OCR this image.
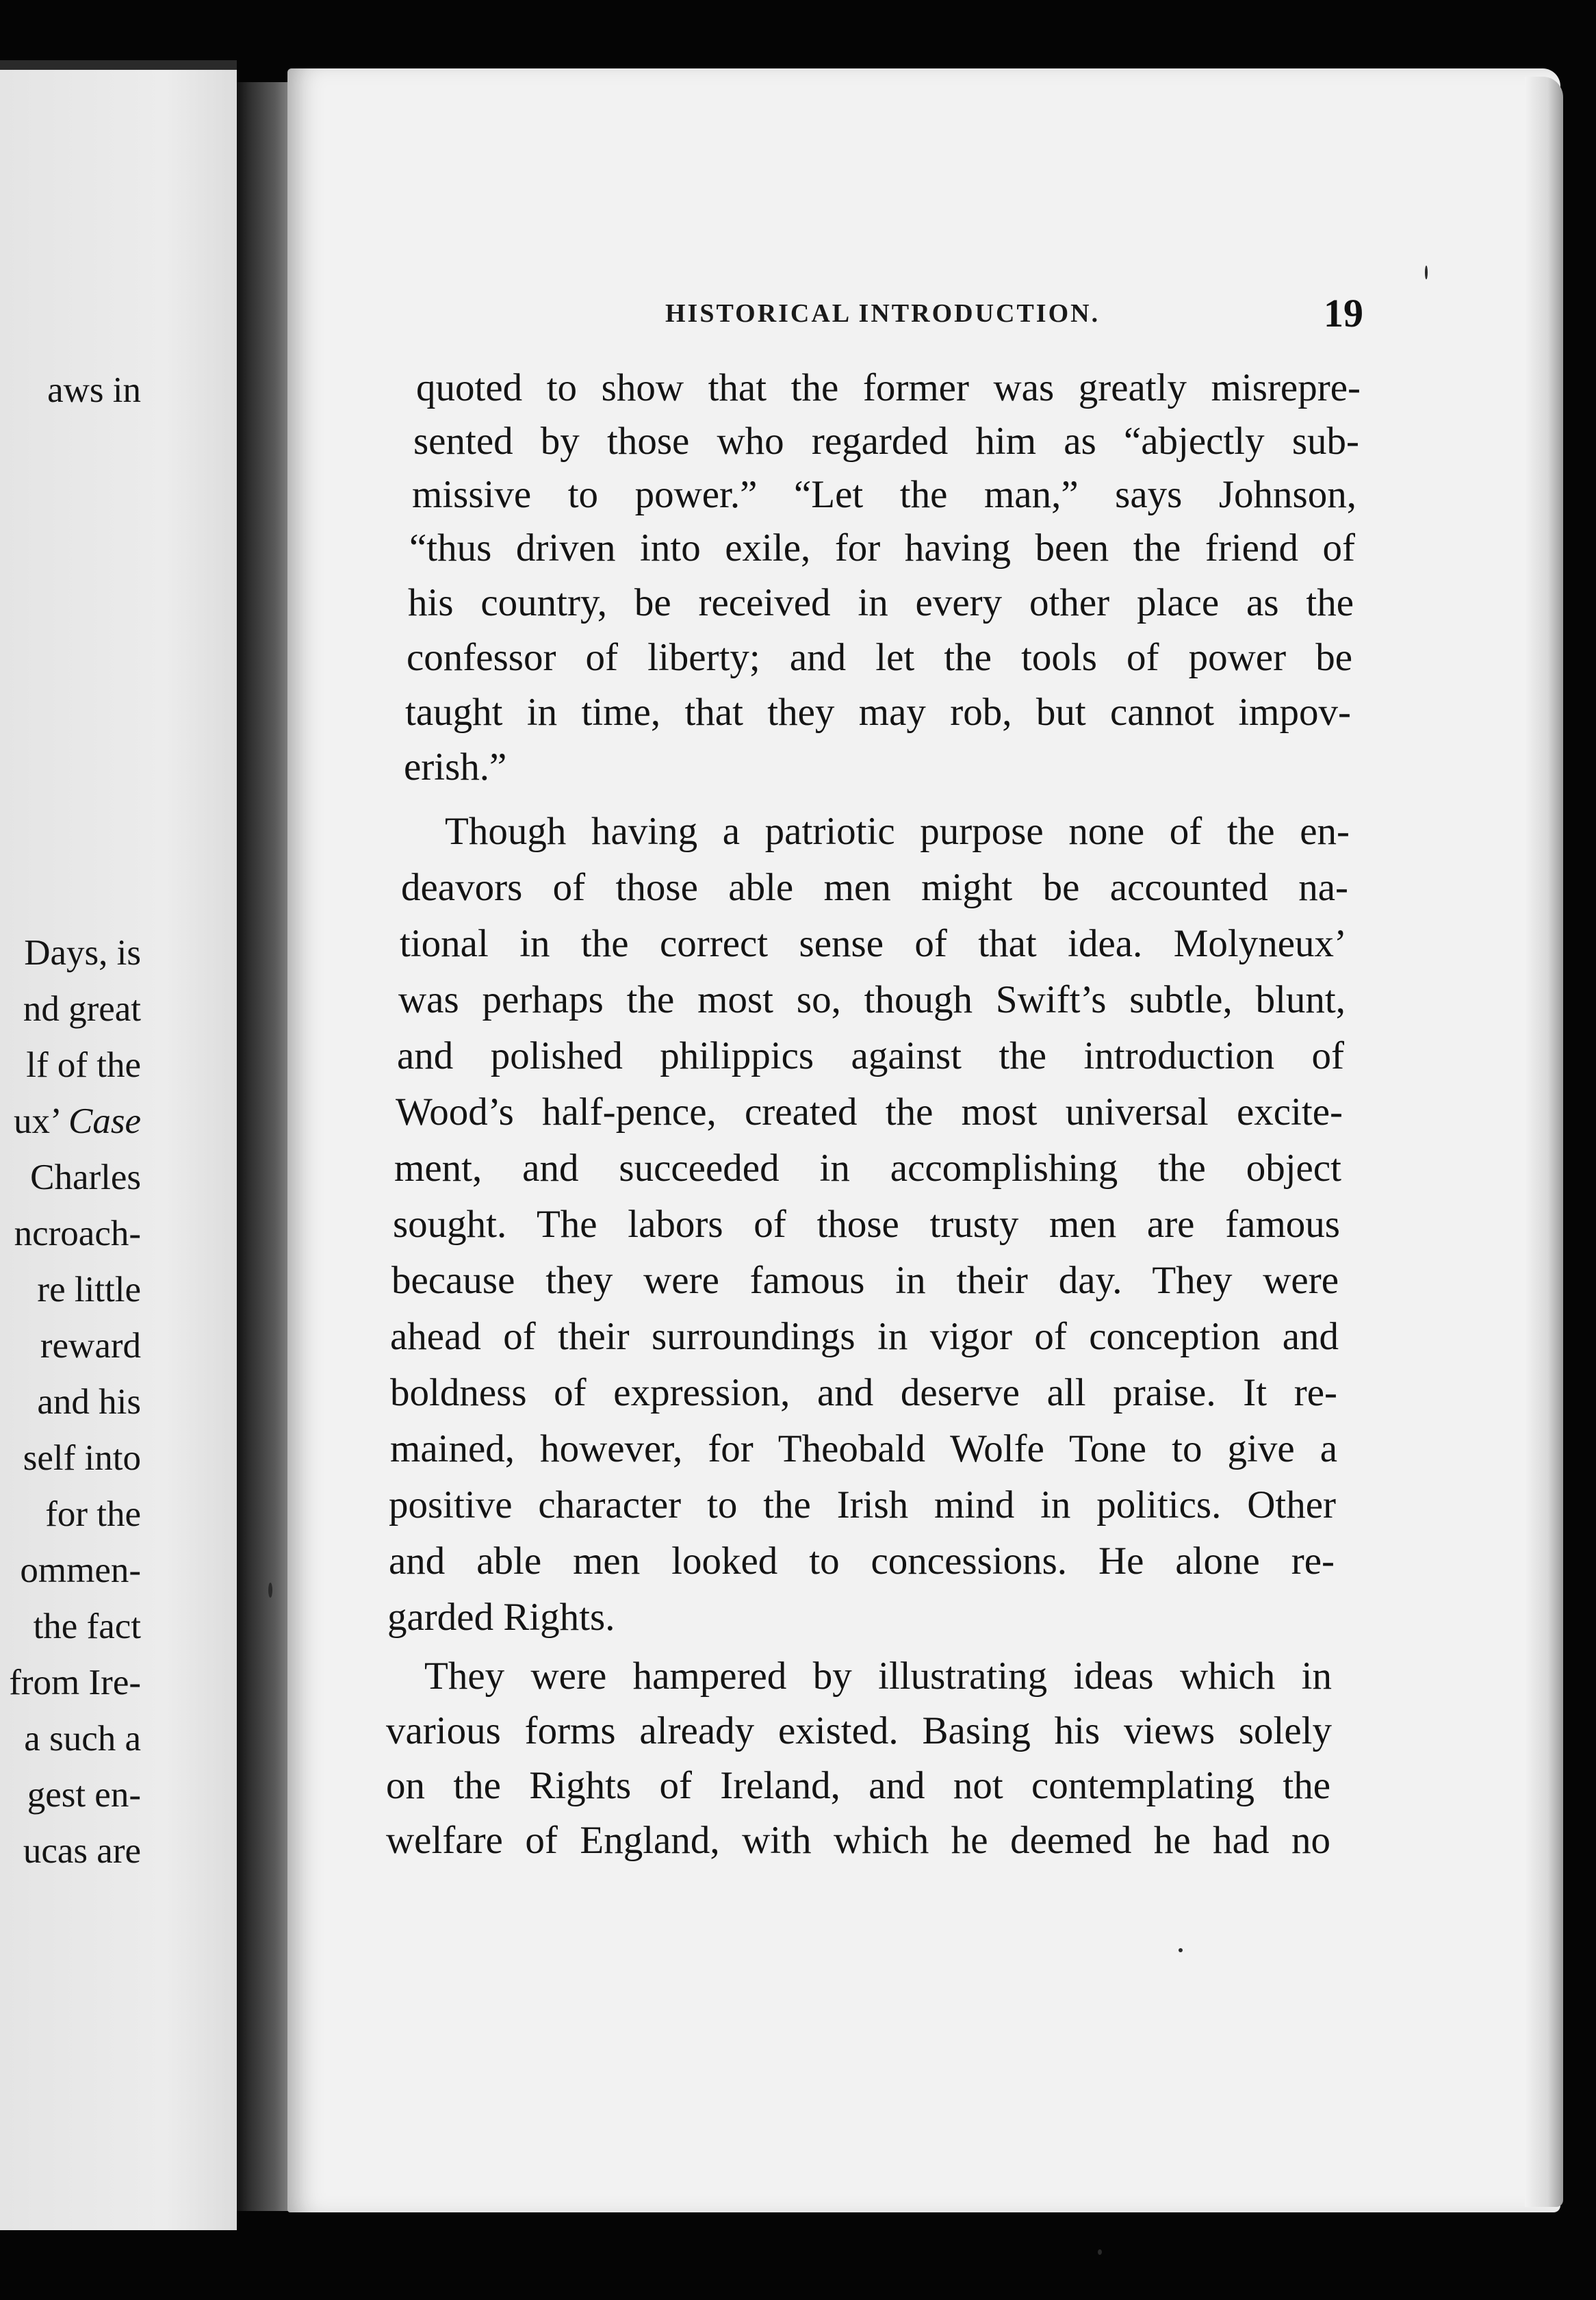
aws in
Days, is
nd great
lf of the
ux’ Case
Charles
ncroach-
re little
reward
and his
self into
for the
ommen-
the fact
from Ire-
a such a
gest en-
ucas are
HISTORICAL INTRODUCTION.	19
quoted to show that the former was greatly misrepre-
sented by those who regarded him as “abjectly sub-
missive to power.” “Let the man,” says Johnson,
“thus driven into exile, for having been the friend of
his country, be received in every other place as the
confessor of liberty; and let the tools of power be
taught in time, that they may rob, but cannot impov-
erish.”
Though having a patriotic purpose none of the en-
deavors of those able men might be accounted na-
tional in the correct sense of that idea. Molyneux’
was perhaps the most so, though Swift’s subtle, blunt,
and polished philippics against the introduction of
Wood’s half-pence, created the most universal excite-
ment, and succeeded in accomplishing the object
sought. The labors of those trusty men are famous
because they were famous in their day. They were
ahead of their surroundings in vigor of conception and
boldness of expression, and deserve all praise. It re-
mained, however, for Theobald Wolfe Tone to give a
positive character to the Irish mind in politics. Other
and able men looked to concessions. He alone re-
garded Rights.
They were hampered by illustrating ideas which in
various forms already existed. Basing his views solely
on the Rights of Ireland, and not contemplating the
welfare of England, with which he deemed he had no
